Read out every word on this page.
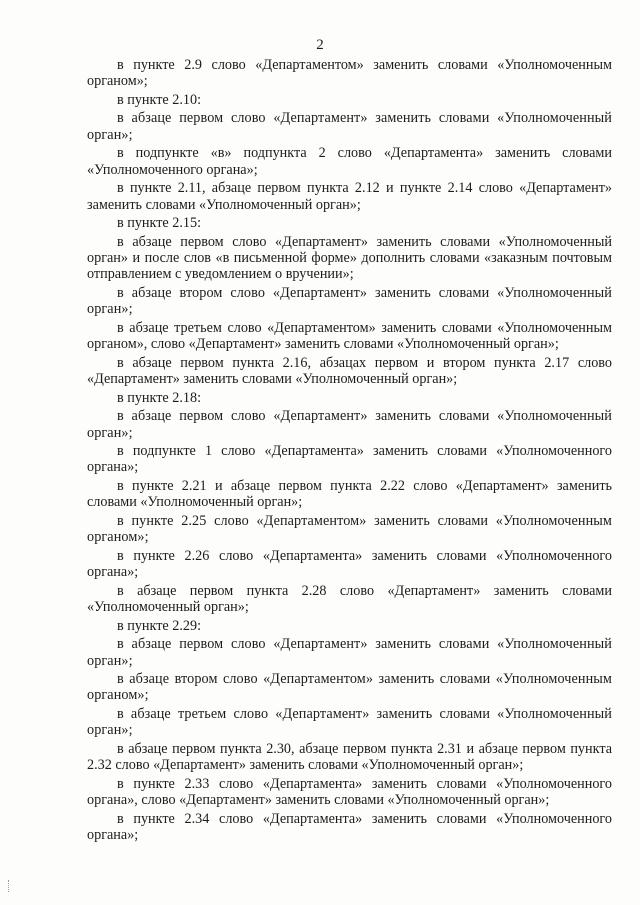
2

в пункте 2.9 слово «Департаментом» заменить словами «Уполномоченным органом»;

в пункте 2.10:

в абзаце первом слово «Департамент» заменить словами «Уполномоченный орган»;

в подпункте «в» подпункта 2 слово «Департамента» заменить словами «Уполномоченного органа»;

в пункте 2.11, абзаце первом пункта 2.12 и пункте 2.14 слово «Департамент» заменить словами «Уполномоченный орган»;

в пункте 2.15:

в абзаце первом слово «Департамент» заменить словами «Уполномоченный орган» и после слов «в письменной форме» дополнить словами «заказным почтовым отправлением с уведомлением о вручении»;

в абзаце втором слово «Департамент» заменить словами «Уполномоченный орган»;

в абзаце третьем слово «Департаментом» заменить словами «Уполномоченным органом», слово «Департамент» заменить словами «Уполномоченный орган»;

в абзаце первом пункта 2.16, абзацах первом и втором пункта 2.17 слово «Департамент» заменить словами «Уполномоченный орган»;

в пункте 2.18:

в абзаце первом слово «Департамент» заменить словами «Уполномоченный орган»;

в подпункте 1 слово «Департамента» заменить словами «Уполномоченного органа»;

в пункте 2.21 и абзаце первом пункта 2.22 слово «Департамент» заменить словами «Уполномоченный орган»;

в пункте 2.25 слово «Департаментом» заменить словами «Уполномоченным органом»;

в пункте 2.26 слово «Департамента» заменить словами «Уполномоченного органа»;

в абзаце первом пункта 2.28 слово «Департамент» заменить словами «Уполномоченный орган»;

в пункте 2.29:

в абзаце первом слово «Департамент» заменить словами «Уполномоченный орган»;

в абзаце втором слово «Департаментом» заменить словами «Уполномоченным органом»;

в абзаце третьем слово «Департамент» заменить словами «Уполномоченный орган»;

в абзаце первом пункта 2.30, абзаце первом пункта 2.31 и абзаце первом пункта 2.32 слово «Департамент» заменить словами «Уполномоченный орган»;

в пункте 2.33 слово «Департамента» заменить словами «Уполномоченного органа», слово «Департамент» заменить словами «Уполномоченный орган»;

в пункте 2.34 слово «Департамента» заменить словами «Уполномоченного органа»;
